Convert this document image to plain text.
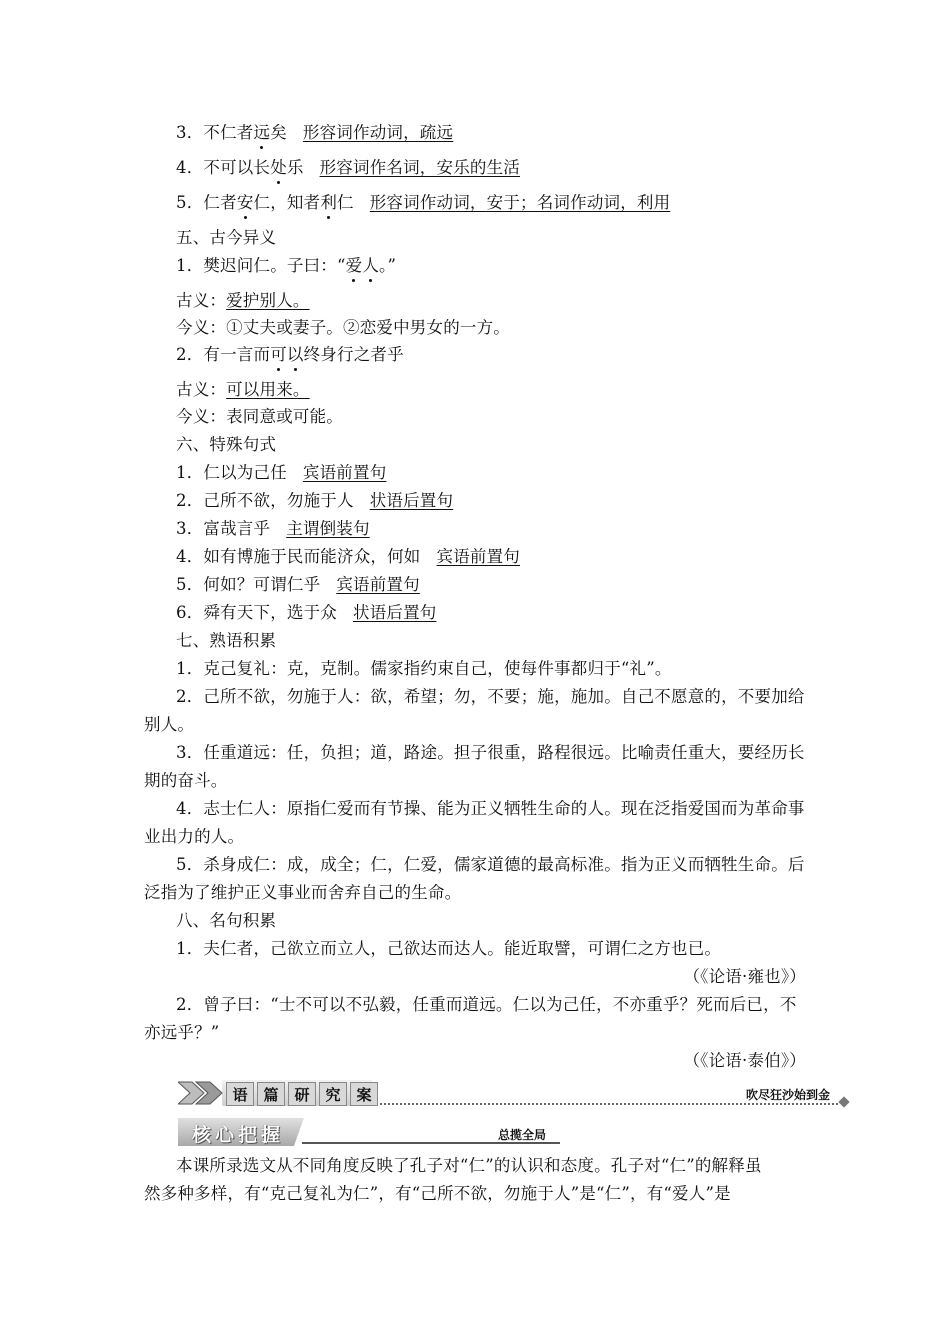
3．不仁者远矣 形容词作动词，疏远
4．不可以长处乐 形容词作名词，安乐的生活
5．仁者安仁，知者利仁 形容词作动词，安于；名词作动词，利用
五、古今异义
1．樊迟问仁。子曰：“爱人。”
古义：爱护别人。
今义：①丈夫或妻子。②恋爱中男女的一方。
2．有一言而可以终身行之者乎
古义：可以用来。
今义：表同意或可能。
六、特殊句式
1．仁以为己任 宾语前置句
2．己所不欲，勿施于人 状语后置句
3．富哉言乎 主谓倒装句
4．如有博施于民而能济众，何如 宾语前置句
5．何如？可谓仁乎 宾语前置句
6．舜有天下，选于众 状语后置句
七、熟语积累
1．克己复礼：克，克制。儒家指约束自己，使每件事都归于“礼”。
2．己所不欲，勿施于人：欲，希望；勿，不要；施，施加。自己不愿意的，不要加给
别人。
3．任重道远：任，负担；道，路途。担子很重，路程很远。比喻责任重大，要经历长
期的奋斗。
4．志士仁人：原指仁爱而有节操、能为正义牺牲生命的人。现在泛指爱国而为革命事
业出力的人。
5．杀身成仁：成，成全；仁，仁爱，儒家道德的最高标准。指为正义而牺牲生命。后
泛指为了维护正义事业而舍弃自己的生命。
八、名句积累
1．夫仁者，己欲立而立人，己欲达而达人。能近取譬，可谓仁之方也已。
（《论语·雍也》）
2．曾子曰：“士不可以不弘毅，任重而道远。仁以为己任，不亦重乎？死而后已，不
亦远乎？”
（《论语·泰伯》）
语	篇	研	究	案	吹尽狂沙始到金
核心把握	总揽全局
本课所录选文从不同角度反映了孔子对“仁”的认识和态度。孔子对“仁”的解释虽
然多种多样，有“克己复礼为仁”，有“己所不欲，勿施于人”是“仁”，有“爱人”是
